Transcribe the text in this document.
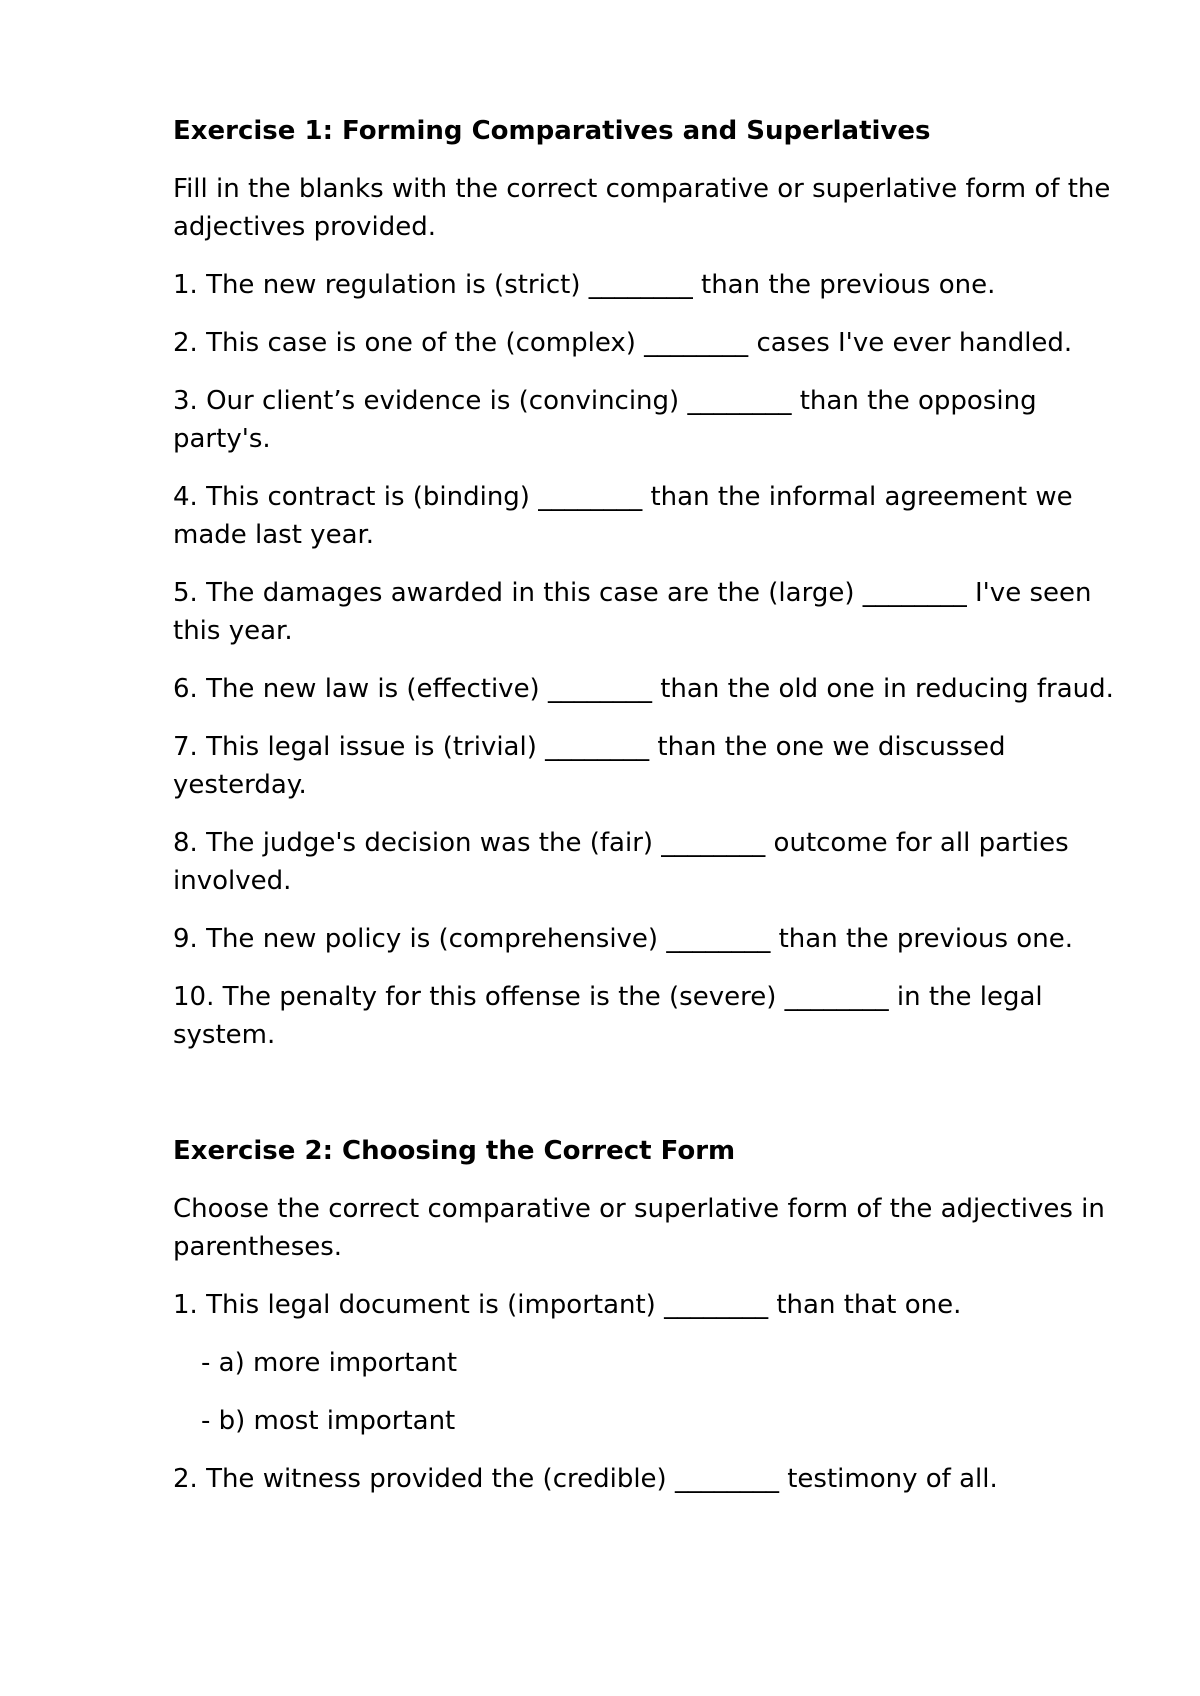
Exercise 1: Forming Comparatives and Superlatives
Fill in the blanks with the correct comparative or superlative form of the adjectives provided.
1. The new regulation is (strict) ________ than the previous one.
2. This case is one of the (complex) ________ cases I've ever handled.
3. Our client’s evidence is (convincing) ________ than the opposing party's.
4. This contract is (binding) ________ than the informal agreement we made last year.
5. The damages awarded in this case are the (large) ________ I've seen this year.
6. The new law is (effective) ________ than the old one in reducing fraud.
7. This legal issue is (trivial) ________ than the one we discussed yesterday.
8. The judge's decision was the (fair) ________ outcome for all parties involved.
9. The new policy is (comprehensive) ________ than the previous one.
10. The penalty for this offense is the (severe) ________ in the legal system.
Exercise 2: Choosing the Correct Form
Choose the correct comparative or superlative form of the adjectives in parentheses.
1. This legal document is (important) ________ than that one.
- a) more important
- b) most important
2. The witness provided the (credible) ________ testimony of all.
